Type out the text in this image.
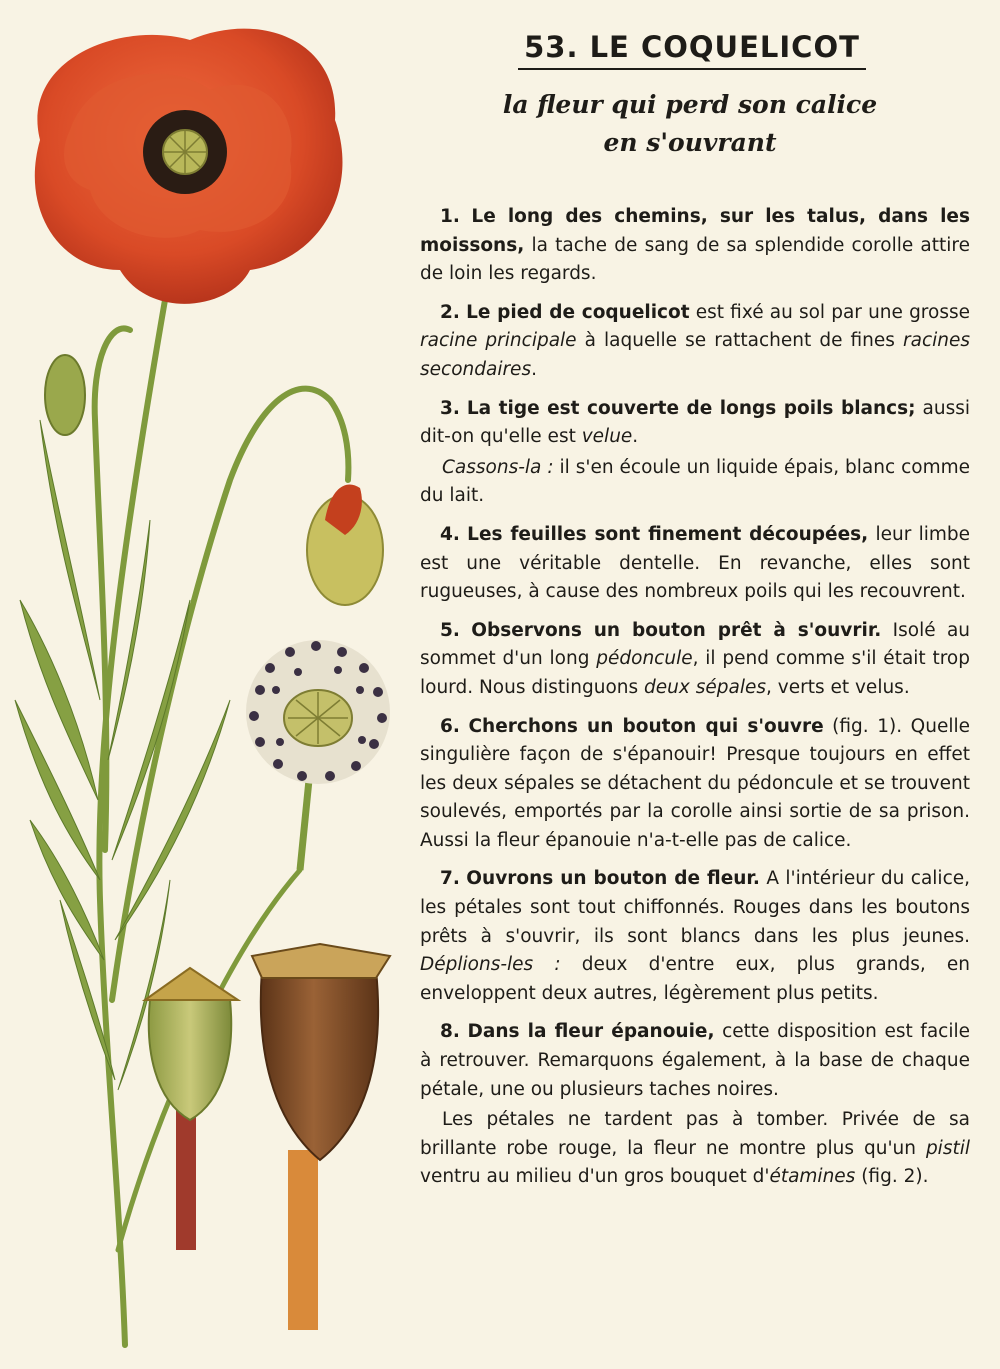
53. LE COQUELICOT
la fleur qui perd son calice
en s'ouvrant

1. Le long des chemins, sur les talus, dans les moissons, la tache de sang de sa splendide corolle attire de loin les regards.

2. Le pied de coquelicot est fixé au sol par une grosse racine principale à laquelle se rattachent de fines racines secondaires.

3. La tige est couverte de longs poils blancs; aussi dit-on qu'elle est velue.

Cassons-la : il s'en écoule un liquide épais, blanc comme du lait.

4. Les feuilles sont finement découpées, leur limbe est une véritable dentelle. En revanche, elles sont rugueuses, à cause des nombreux poils qui les recouvrent.

5. Observons un bouton prêt à s'ouvrir. Isolé au sommet d'un long pédoncule, il pend comme s'il était trop lourd. Nous distinguons deux sépales, verts et velus.

6. Cherchons un bouton qui s'ouvre (fig. 1). Quelle singulière façon de s'épanouir! Presque toujours en effet les deux sépales se détachent du pédoncule et se trouvent soulevés, emportés par la corolle ainsi sortie de sa prison. Aussi la fleur épanouie n'a-t-elle pas de calice.

7. Ouvrons un bouton de fleur. A l'intérieur du calice, les pétales sont tout chiffonnés. Rouges dans les boutons prêts à s'ouvrir, ils sont blancs dans les plus jeunes. Déplions-les : deux d'entre eux, plus grands, en enveloppent deux autres, légèrement plus petits.

8. Dans la fleur épanouie, cette disposition est facile à retrouver. Remarquons également, à la base de chaque pétale, une ou plusieurs taches noires.

Les pétales ne tardent pas à tomber. Privée de sa brillante robe rouge, la fleur ne montre plus qu'un pistil ventru au milieu d'un gros bouquet d'étamines (fig. 2).
